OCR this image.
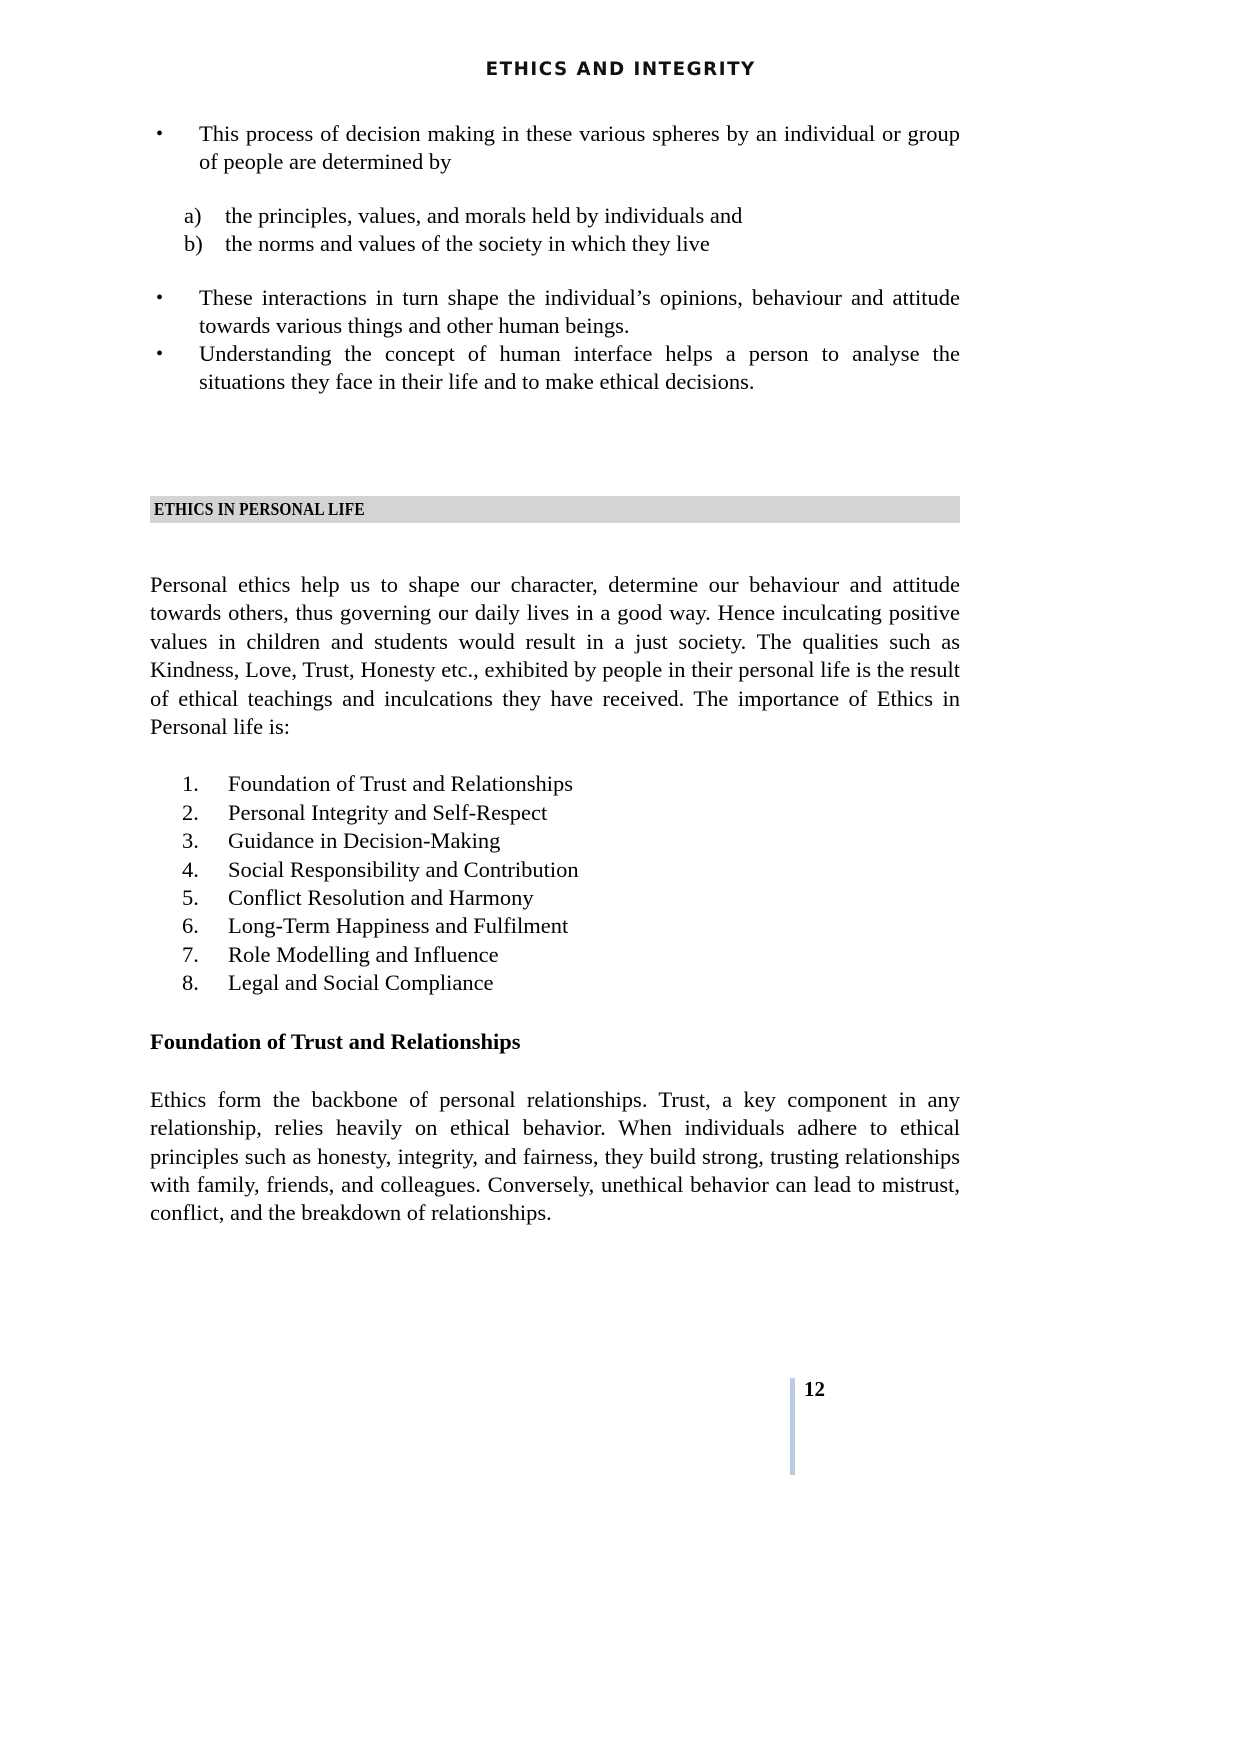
ETHICS AND INTEGRITY
• This process of decision making in these various spheres by an individual or group of people are determined by
a) the principles, values, and morals held by individuals and
b) the norms and values of the society in which they live
• These interactions in turn shape the individual’s opinions, behaviour and attitude towards various things and other human beings.
• Understanding the concept of human interface helps a person to analyse the situations they face in their life and to make ethical decisions.
ETHICS IN PERSONAL LIFE

Personal ethics help us to shape our character, determine our behaviour and attitude towards others, thus governing our daily lives in a good way. Hence inculcating positive values in children and students would result in a just society. The qualities such as Kindness, Love, Trust, Honesty etc., exhibited by people in their personal life is the result of ethical teachings and inculcations they have received. The importance of Ethics in Personal life is:

1.	Foundation of Trust and Relationships
2.	Personal Integrity and Self-Respect
3.	Guidance in Decision-Making
4.	Social Responsibility and Contribution
5.	Conflict Resolution and Harmony
6.	Long-Term Happiness and Fulfilment
7.	Role Modelling and Influence
8.	Legal and Social Compliance
Foundation of Trust and Relationships

Ethics form the backbone of personal relationships. Trust, a key component in any relationship, relies heavily on ethical behavior. When individuals adhere to ethical principles such as honesty, integrity, and fairness, they build strong, trusting relationships with family, friends, and colleagues. Conversely, unethical behavior can lead to mistrust, conflict, and the breakdown of relationships.

12
